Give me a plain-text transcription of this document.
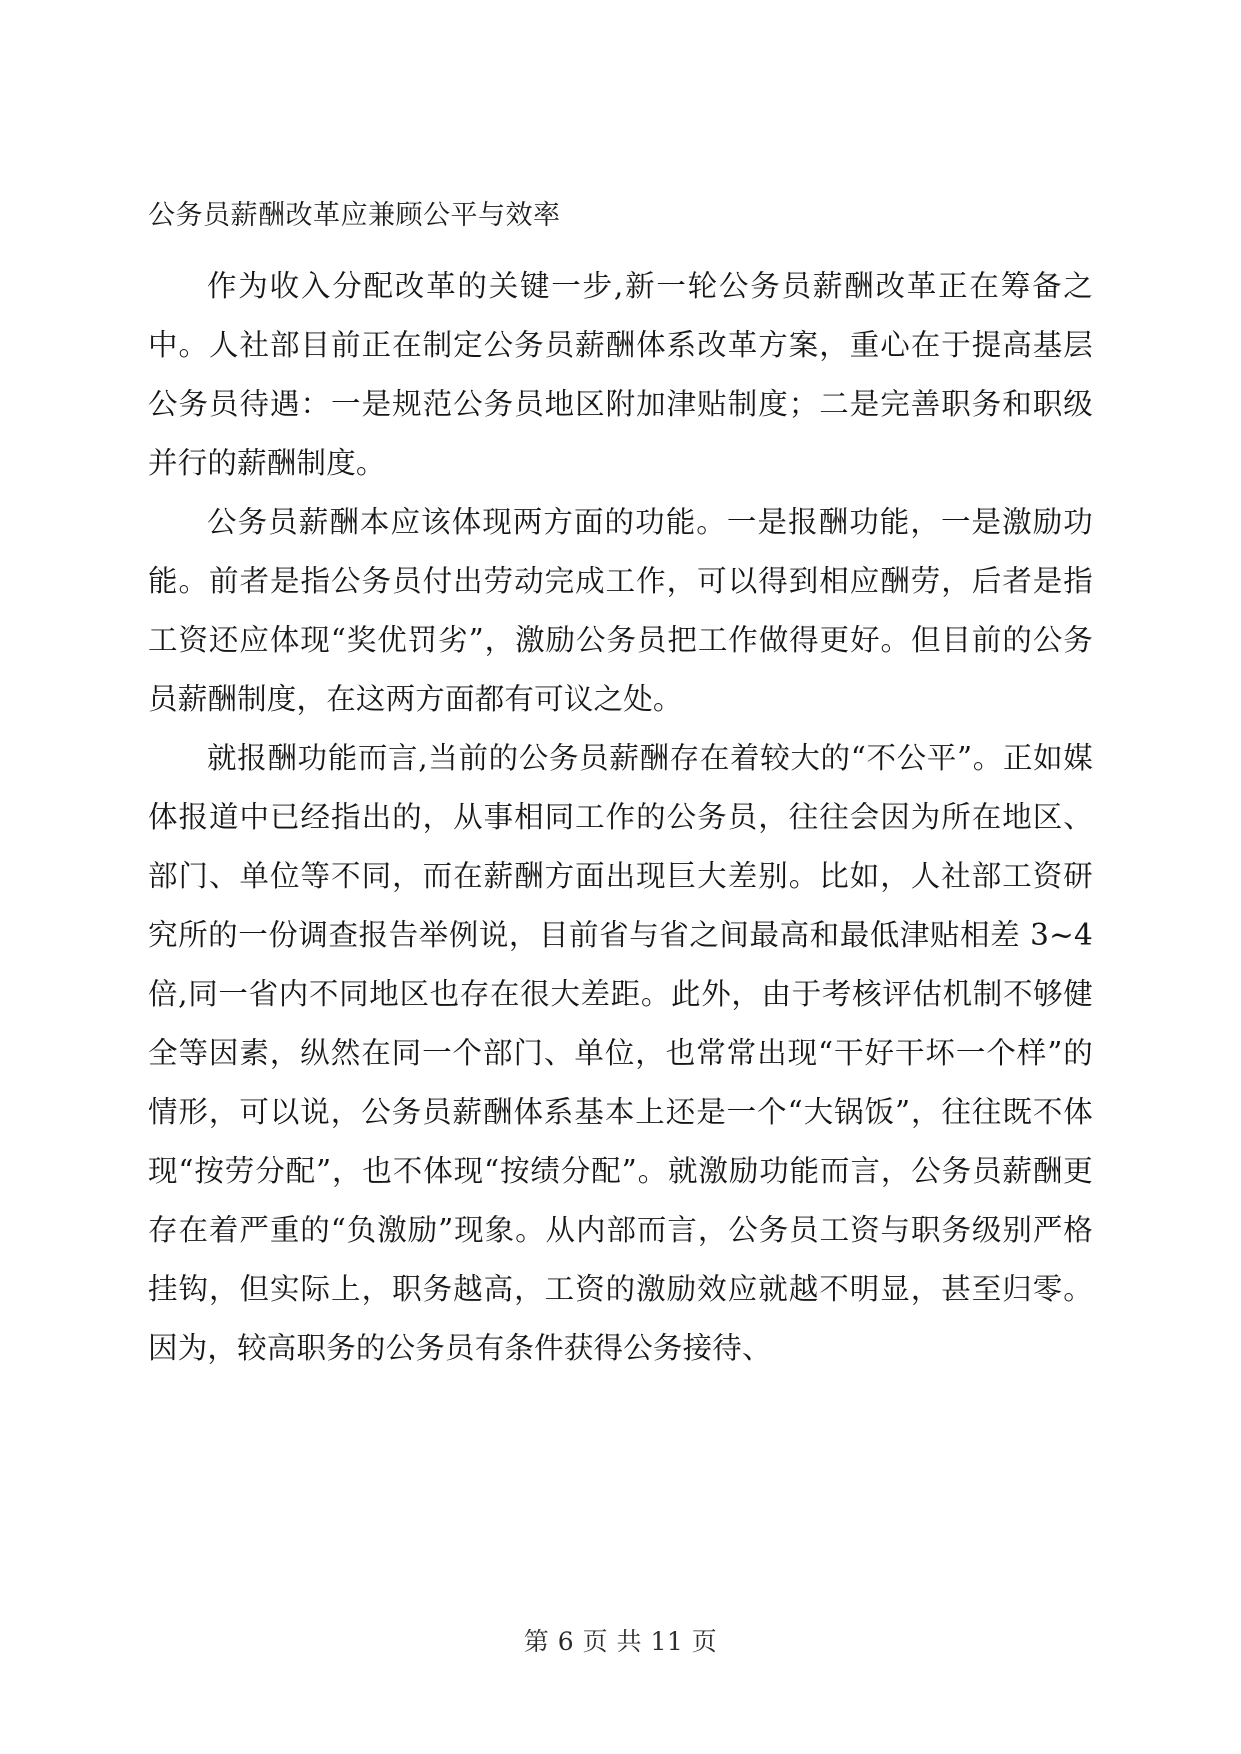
公务员薪酬改革应兼顾公平与效率

作为收入分配改革的关键一步,新一轮公务员薪酬改革正在筹备之中。人社部目前正在制定公务员薪酬体系改革方案，重心在于提高基层公务员待遇：一是规范公务员地区附加津贴制度；二是完善职务和职级并行的薪酬制度。

公务员薪酬本应该体现两方面的功能。一是报酬功能，一是激励功能。前者是指公务员付出劳动完成工作，可以得到相应酬劳，后者是指工资还应体现“奖优罚劣”，激励公务员把工作做得更好。但目前的公务员薪酬制度，在这两方面都有可议之处。

就报酬功能而言,当前的公务员薪酬存在着较大的“不公平”。正如媒体报道中已经指出的，从事相同工作的公务员，往往会因为所在地区、部门、单位等不同，而在薪酬方面出现巨大差别。比如，人社部工资研究所的一份调查报告举例说，目前省与省之间最高和最低津贴相差 3~4 倍,同一省内不同地区也存在很大差距。此外，由于考核评估机制不够健全等因素，纵然在同一个部门、单位，也常常出现“干好干坏一个样”的情形，可以说，公务员薪酬体系基本上还是一个“大锅饭”，往往既不体现“按劳分配”，也不体现“按绩分配”。就激励功能而言，公务员薪酬更存在着严重的“负激励”现象。从内部而言，公务员工资与职务级别严格挂钩，但实际上，职务越高，工资的激励效应就越不明显，甚至归零。因为，较高职务的公务员有条件获得公务接待、

第 6 页 共 11 页
